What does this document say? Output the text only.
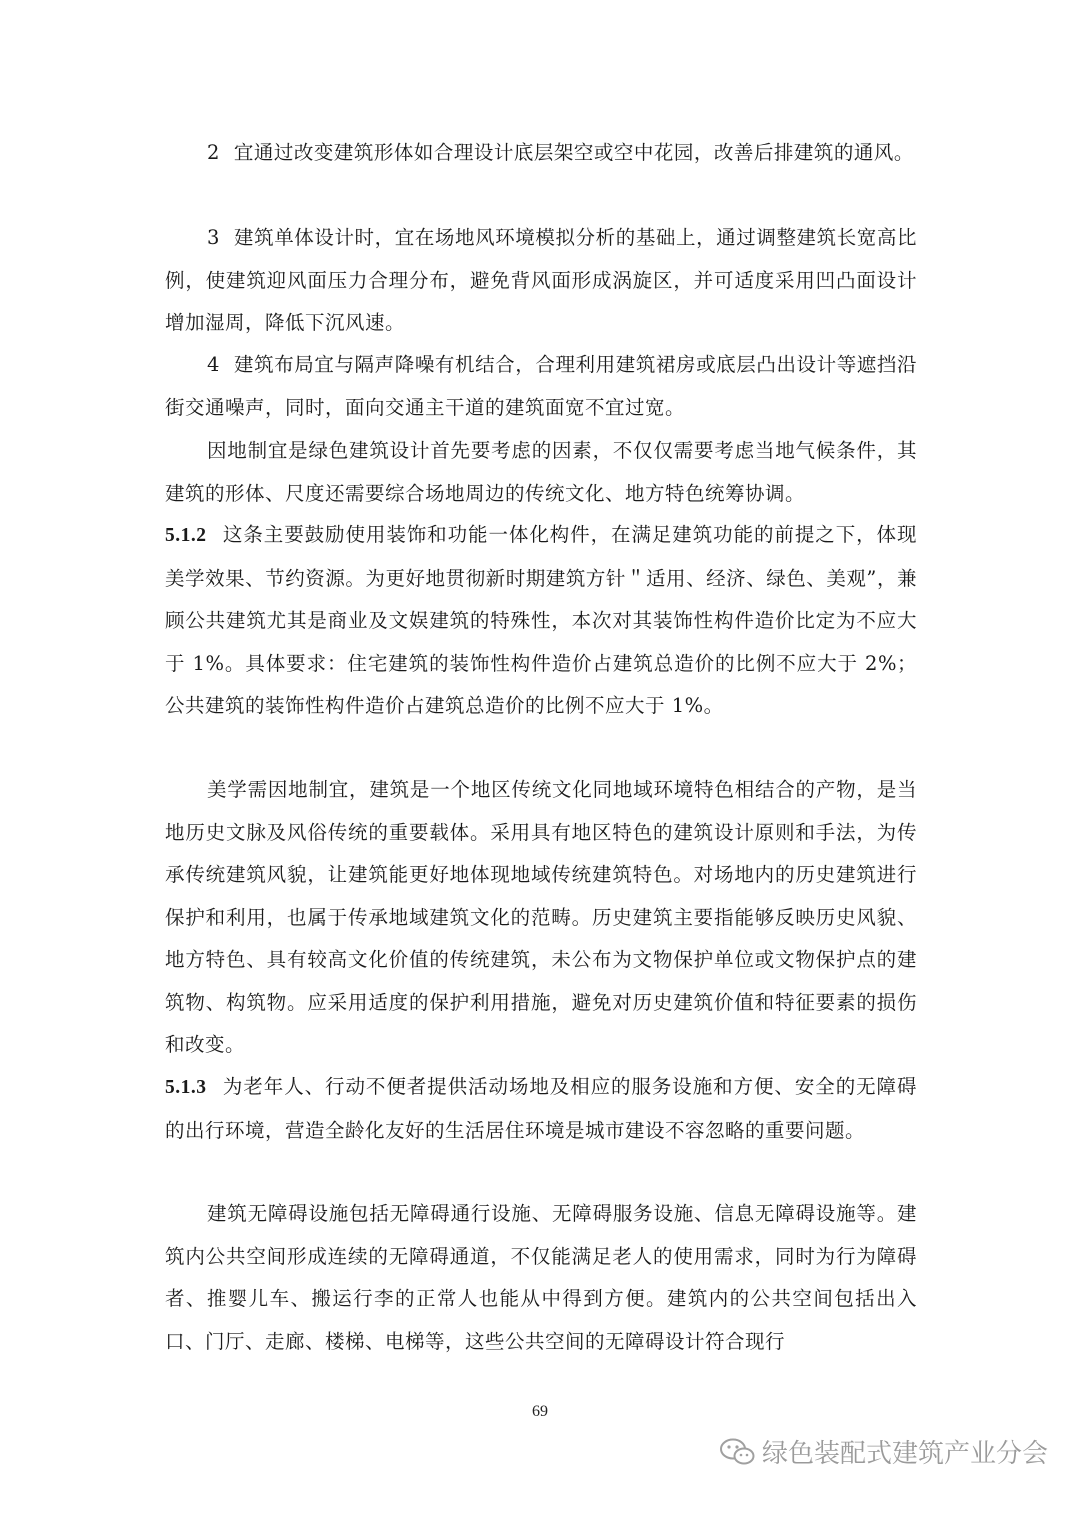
2 宜通过改变建筑形体如合理设计底层架空或空中花园，改善后排建筑的通风。

3 建筑单体设计时，宜在场地风环境模拟分析的基础上，通过调整建筑长宽高比例，使建筑迎风面压力合理分布，避免背风面形成涡旋区，并可适度采用凹凸面设计增加湿周，降低下沉风速。

4 建筑布局宜与隔声降噪有机结合，合理利用建筑裙房或底层凸出设计等遮挡沿街交通噪声，同时，面向交通主干道的建筑面宽不宜过宽。

因地制宜是绿色建筑设计首先要考虑的因素，不仅仅需要考虑当地气候条件，其建筑的形体、尺度还需要综合场地周边的传统文化、地方特色统筹协调。

5.1.2 这条主要鼓励使用装饰和功能一体化构件，在满足建筑功能的前提之下，体现美学效果、节约资源。为更好地贯彻新时期建筑方针＂适用、经济、绿色、美观”，兼顾公共建筑尤其是商业及文娱建筑的特殊性，本次对其装饰性构件造价比定为不应大于 1%。具体要求：住宅建筑的装饰性构件造价占建筑总造价的比例不应大于 2%；公共建筑的装饰性构件造价占建筑总造价的比例不应大于 1%。

美学需因地制宜，建筑是一个地区传统文化同地域环境特色相结合的产物，是当地历史文脉及风俗传统的重要载体。采用具有地区特色的建筑设计原则和手法，为传承传统建筑风貌，让建筑能更好地体现地域传统建筑特色。对场地内的历史建筑进行保护和利用，也属于传承地域建筑文化的范畴。历史建筑主要指能够反映历史风貌、地方特色、具有较高文化价值的传统建筑，未公布为文物保护单位或文物保护点的建筑物、构筑物。应采用适度的保护利用措施，避免对历史建筑价值和特征要素的损伤和改变。

5.1.3 为老年人、行动不便者提供活动场地及相应的服务设施和方便、安全的无障碍的出行环境，营造全龄化友好的生活居住环境是城市建设不容忽略的重要问题。

建筑无障碍设施包括无障碍通行设施、无障碍服务设施、信息无障碍设施等。建筑内公共空间形成连续的无障碍通道，不仅能满足老人的使用需求，同时为行为障碍者、推婴儿车、搬运行李的正常人也能从中得到方便。建筑内的公共空间包括出入口、门厅、走廊、楼梯、电梯等，这些公共空间的无障碍设计符合现行

69
绿色装配式建筑产业分会
